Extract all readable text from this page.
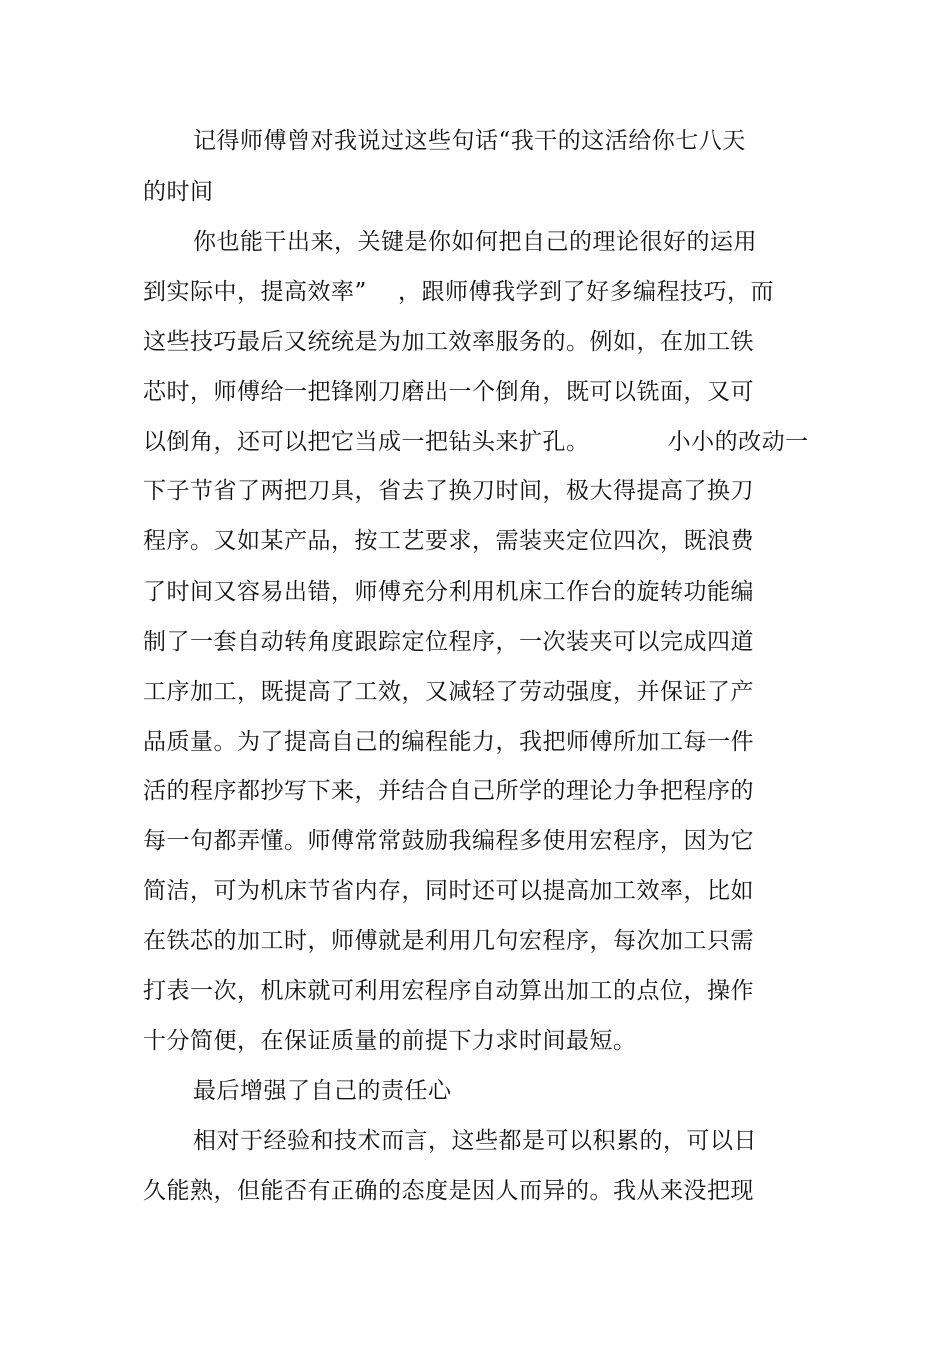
记得师傅曾对我说过这些句话“我干的这活给你七八天
的时间
你也能干出来，关键是你如何把自己的理论很好的运用
到实际中，提高效率”    ，跟师傅我学到了好多编程技巧，而
这些技巧最后又统统是为加工效率服务的。例如，在加工铁
芯时，师傅给一把锋刚刀磨出一个倒角，既可以铣面，又可
以倒角，还可以把它当成一把钻头来扩孔。          小小的改动一
下子节省了两把刀具，省去了换刀时间，极大得提高了换刀
程序。又如某产品，按工艺要求，需装夹定位四次，既浪费
了时间又容易出错，师傅充分利用机床工作台的旋转功能编
制了一套自动转角度跟踪定位程序，一次装夹可以完成四道
工序加工，既提高了工效，又减轻了劳动强度，并保证了产
品质量。为了提高自己的编程能力，我把师傅所加工每一件
活的程序都抄写下来，并结合自己所学的理论力争把程序的
每一句都弄懂。师傅常常鼓励我编程多使用宏程序，因为它
简洁，可为机床节省内存，同时还可以提高加工效率，比如
在铁芯的加工时，师傅就是利用几句宏程序，每次加工只需
打表一次，机床就可利用宏程序自动算出加工的点位，操作
十分简便，在保证质量的前提下力求时间最短。
最后增强了自己的责任心
相对于经验和技术而言，这些都是可以积累的，可以日
久能熟，但能否有正确的态度是因人而异的。我从来没把现
